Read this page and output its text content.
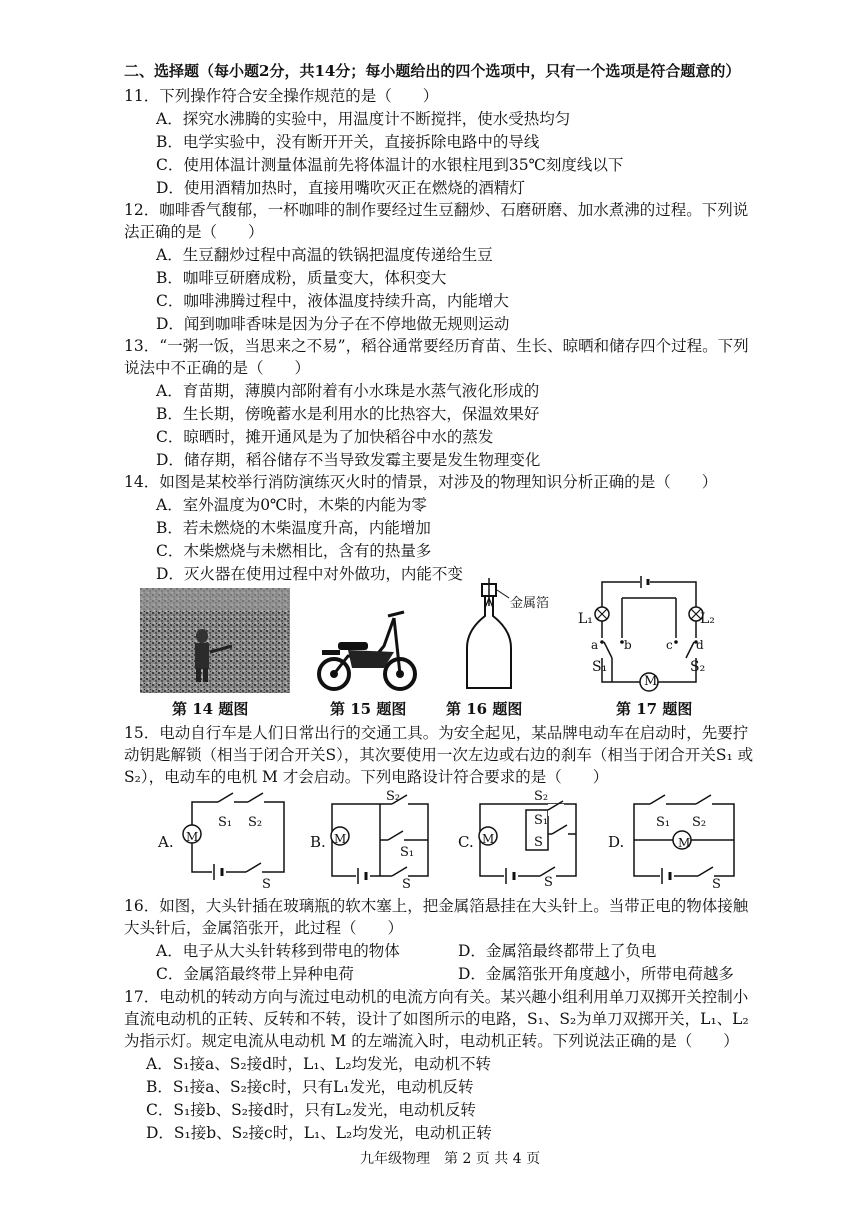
二、选择题（每小题2分，共14分；每小题给出的四个选项中，只有一个选项是符合题意的）
11．下列操作符合安全操作规范的是（　　）
A．探究水沸腾的实验中，用温度计不断搅拌，使水受热均匀
B．电学实验中，没有断开开关，直接拆除电路中的导线
C．使用体温计测量体温前先将体温计的水银柱甩到35℃刻度线以下
D．使用酒精加热时，直接用嘴吹灭正在燃烧的酒精灯
12．咖啡香气馥郁，一杯咖啡的制作要经过生豆翻炒、石磨研磨、加水煮沸的过程。下列说
法正确的是（　　）
A．生豆翻炒过程中高温的铁锅把温度传递给生豆
B．咖啡豆研磨成粉，质量变大，体积变大
C．咖啡沸腾过程中，液体温度持续升高，内能增大
D．闻到咖啡香味是因为分子在不停地做无规则运动
13．“一粥一饭，当思来之不易”，稻谷通常要经历育苗、生长、晾晒和储存四个过程。下列
说法中不正确的是（　　）
A．育苗期，薄膜内部附着有小水珠是水蒸气液化形成的
B．生长期，傍晚蓄水是利用水的比热容大，保温效果好
C．晾晒时，摊开通风是为了加快稻谷中水的蒸发
D．储存期，稻谷储存不当导致发霉主要是发生物理变化
14．如图是某校举行消防演练灭火时的情景，对涉及的物理知识分析正确的是（　　）
A．室外温度为0℃时，木柴的内能为零
B．若未燃烧的木柴温度升高，内能增加
C．木柴燃烧与未燃相比，含有的热量多
D．灭火器在使用过程中对外做功，内能不变
第 14 题图	第 15 题图
金属箔
第 16 题图
L₁	L₂
a b	c d
S₁	S₂
M
第 17 题图
15．电动自行车是人们日常出行的交通工具。为安全起见，某品牌电动车在启动时，先要拧
动钥匙解锁（相当于闭合开关S），其次要使用一次左边或右边的刹车（相当于闭合开关S₁ 或
S₂），电动车的电机 M 才会启动。下列电路设计符合要求的是（　　）
A. M
S₁ S₂
S
B. M
S₂
S₁
S
C. M
S₂
S₁
S
S
D.	M
S₁ S₂
S
16．如图，大头针插在玻璃瓶的软木塞上，把金属箔悬挂在大头针上。当带正电的物体接触
大头针后，金属箔张开，此过程（　　）
A．电子从大头针转移到带电的物体	D．金属箔最终都带上了负电
C．金属箔最终带上异种电荷	D．金属箔张开角度越小，所带电荷越多
17．电动机的转动方向与流过电动机的电流方向有关。某兴趣小组利用单刀双掷开关控制小
直流电动机的正转、反转和不转，设计了如图所示的电路，S₁、S₂为单刀双掷开关，L₁、L₂
为指示灯。规定电流从电动机 M 的左端流入时，电动机正转。下列说法正确的是（　　）
A．S₁接a、S₂接d时，L₁、L₂均发光，电动机不转
B．S₁接a、S₂接c时，只有L₁发光，电动机反转
C．S₁接b、S₂接d时，只有L₂发光，电动机反转
D．S₁接b、S₂接c时，L₁、L₂均发光，电动机正转
九年级物理　第 2 页 共 4 页
